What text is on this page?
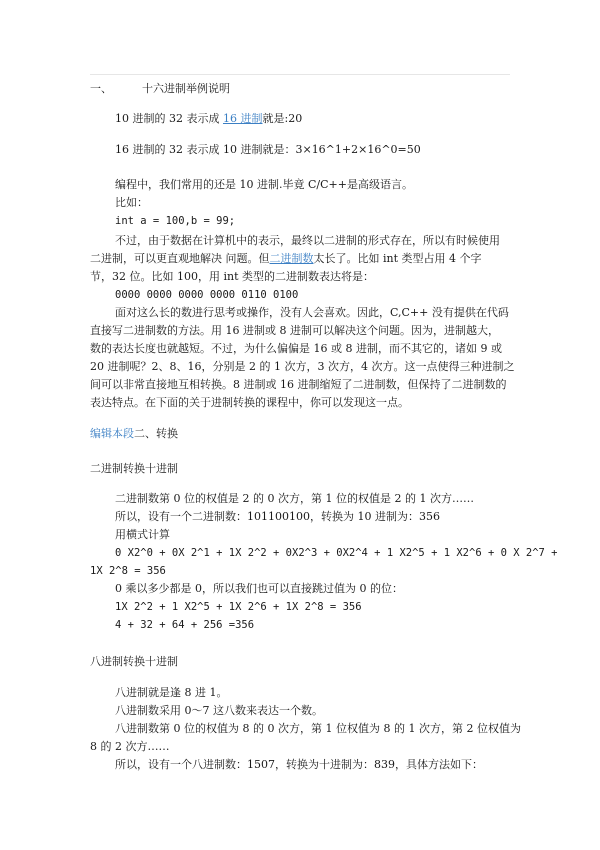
一、	十六进制举例说明
10 进制的 32 表示成 16 进制就是:20
16 进制的 32 表示成 10 进制就是：3×16^1+2×16^0=50
编程中，我们常用的还是 10 进制.毕竟 C/C++是高级语言。
比如：
int a = 100,b = 99;
不过，由于数据在计算机中的表示，最终以二进制的形式存在，所以有时候使用
二进制，可以更直观地解决 问题。但二进制数太长了。比如 int 类型占用 4 个字
节，32 位。比如 100，用 int 类型的二进制数表达将是：
0000 0000 0000 0000 0110 0100
面对这么长的数进行思考或操作，没有人会喜欢。因此，C,C++ 没有提供在代码
直接写二进制数的方法。用 16 进制或 8 进制可以解决这个问题。因为，进制越大，
数的表达长度也就越短。不过，为什么偏偏是 16 或 8 进制，而不其它的，诸如 9 或
20 进制呢？2、8、16，分别是 2 的 1 次方，3 次方，4 次方。这一点使得三种进制之
间可以非常直接地互相转换。8 进制或 16 进制缩短了二进制数，但保持了二进制数的
表达特点。在下面的关于进制转换的课程中，你可以发现这一点。
编辑本段二、转换
二进制转换十进制
二进制数第 0 位的权值是 2 的 0 次方，第 1 位的权值是 2 的 1 次方……
所以，设有一个二进制数：101100100，转换为 10 进制为：356
用横式计算
0 X2^0 + 0X 2^1 + 1X 2^2 + 0X2^3 + 0X2^4 + 1 X2^5 + 1 X2^6 + 0 X 2^7 +
1X 2^8 = 356
0 乘以多少都是 0，所以我们也可以直接跳过值为 0 的位：
1X 2^2 + 1 X2^5 + 1X 2^6 + 1X 2^8 = 356
4 + 32 + 64 + 256 =356
八进制转换十进制
八进制就是逢 8 进 1。
八进制数采用 0～7 这八数来表达一个数。
八进制数第 0 位的权值为 8 的 0 次方，第 1 位权值为 8 的 1 次方，第 2 位权值为
8 的 2 次方……
所以，设有一个八进制数：1507，转换为十进制为：839，具体方法如下：
